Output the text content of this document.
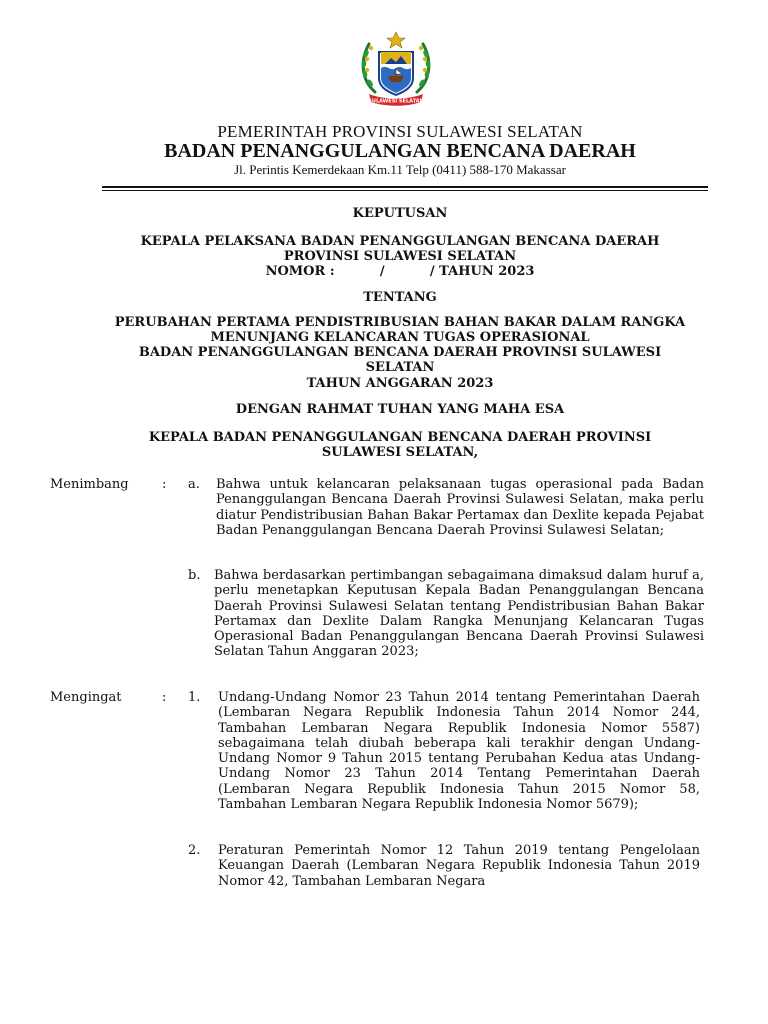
SULAWESI SELATAN
PEMERINTAH PROVINSI SULAWESI SELATAN
BADAN PENANGGULANGAN BENCANA DAERAH
Jl. Perintis Kemerdekaan Km.11 Telp (0411) 588-170 Makassar
KEPUTUSAN
KEPALA PELAKSANA BADAN PENANGGULANGAN BENCANA DAERAH
PROVINSI SULAWESI SELATAN
NOMOR :          /          / TAHUN 2023
TENTANG
PERUBAHAN PERTAMA PENDISTRIBUSIAN BAHAN BAKAR DALAM RANGKA
MENUNJANG KELANCARAN TUGAS OPERASIONAL
BADAN PENANGGULANGAN BENCANA DAERAH PROVINSI SULAWESI
SELATAN
TAHUN ANGGARAN 2023
DENGAN RAHMAT TUHAN YANG MAHA ESA
KEPALA BADAN PENANGGULANGAN BENCANA DAERAH PROVINSI
SULAWESI SELATAN,
Menimbang	: a. Bahwa untuk kelancaran pelaksanaan tugas operasional pada Badan Penanggulangan Bencana Daerah Provinsi Sulawesi Selatan, maka perlu diatur Pendistribusian Bahan Bakar Pertamax dan Dexlite kepada Pejabat Badan Penanggulangan Bencana Daerah Provinsi Sulawesi Selatan;
b. Bahwa berdasarkan pertimbangan sebagaimana dimaksud dalam huruf a, perlu menetapkan Keputusan Kepala Badan Penanggulangan Bencana Daerah Provinsi Sulawesi Selatan tentang Pendistribusian Bahan Bakar Pertamax dan Dexlite Dalam Rangka Menunjang Kelancaran Tugas Operasional Badan Penanggulangan Bencana Daerah Provinsi Sulawesi Selatan Tahun Anggaran 2023;
Mengingat	: 1. Undang-Undang Nomor 23 Tahun 2014 tentang Pemerintahan Daerah (Lembaran Negara Republik Indonesia Tahun 2014 Nomor 244, Tambahan Lembaran Negara Republik Indonesia Nomor 5587) sebagaimana telah diubah beberapa kali terakhir dengan Undang-Undang Nomor 9 Tahun 2015 tentang Perubahan Kedua atas Undang-Undang Nomor 23 Tahun 2014 Tentang Pemerintahan Daerah (Lembaran Negara Republik Indonesia Tahun 2015 Nomor 58, Tambahan Lembaran Negara Republik Indonesia Nomor 5679);
2. Peraturan Pemerintah Nomor 12 Tahun 2019 tentang Pengelolaan Keuangan Daerah (Lembaran Negara Republik Indonesia Tahun 2019 Nomor 42, Tambahan Lembaran Negara
